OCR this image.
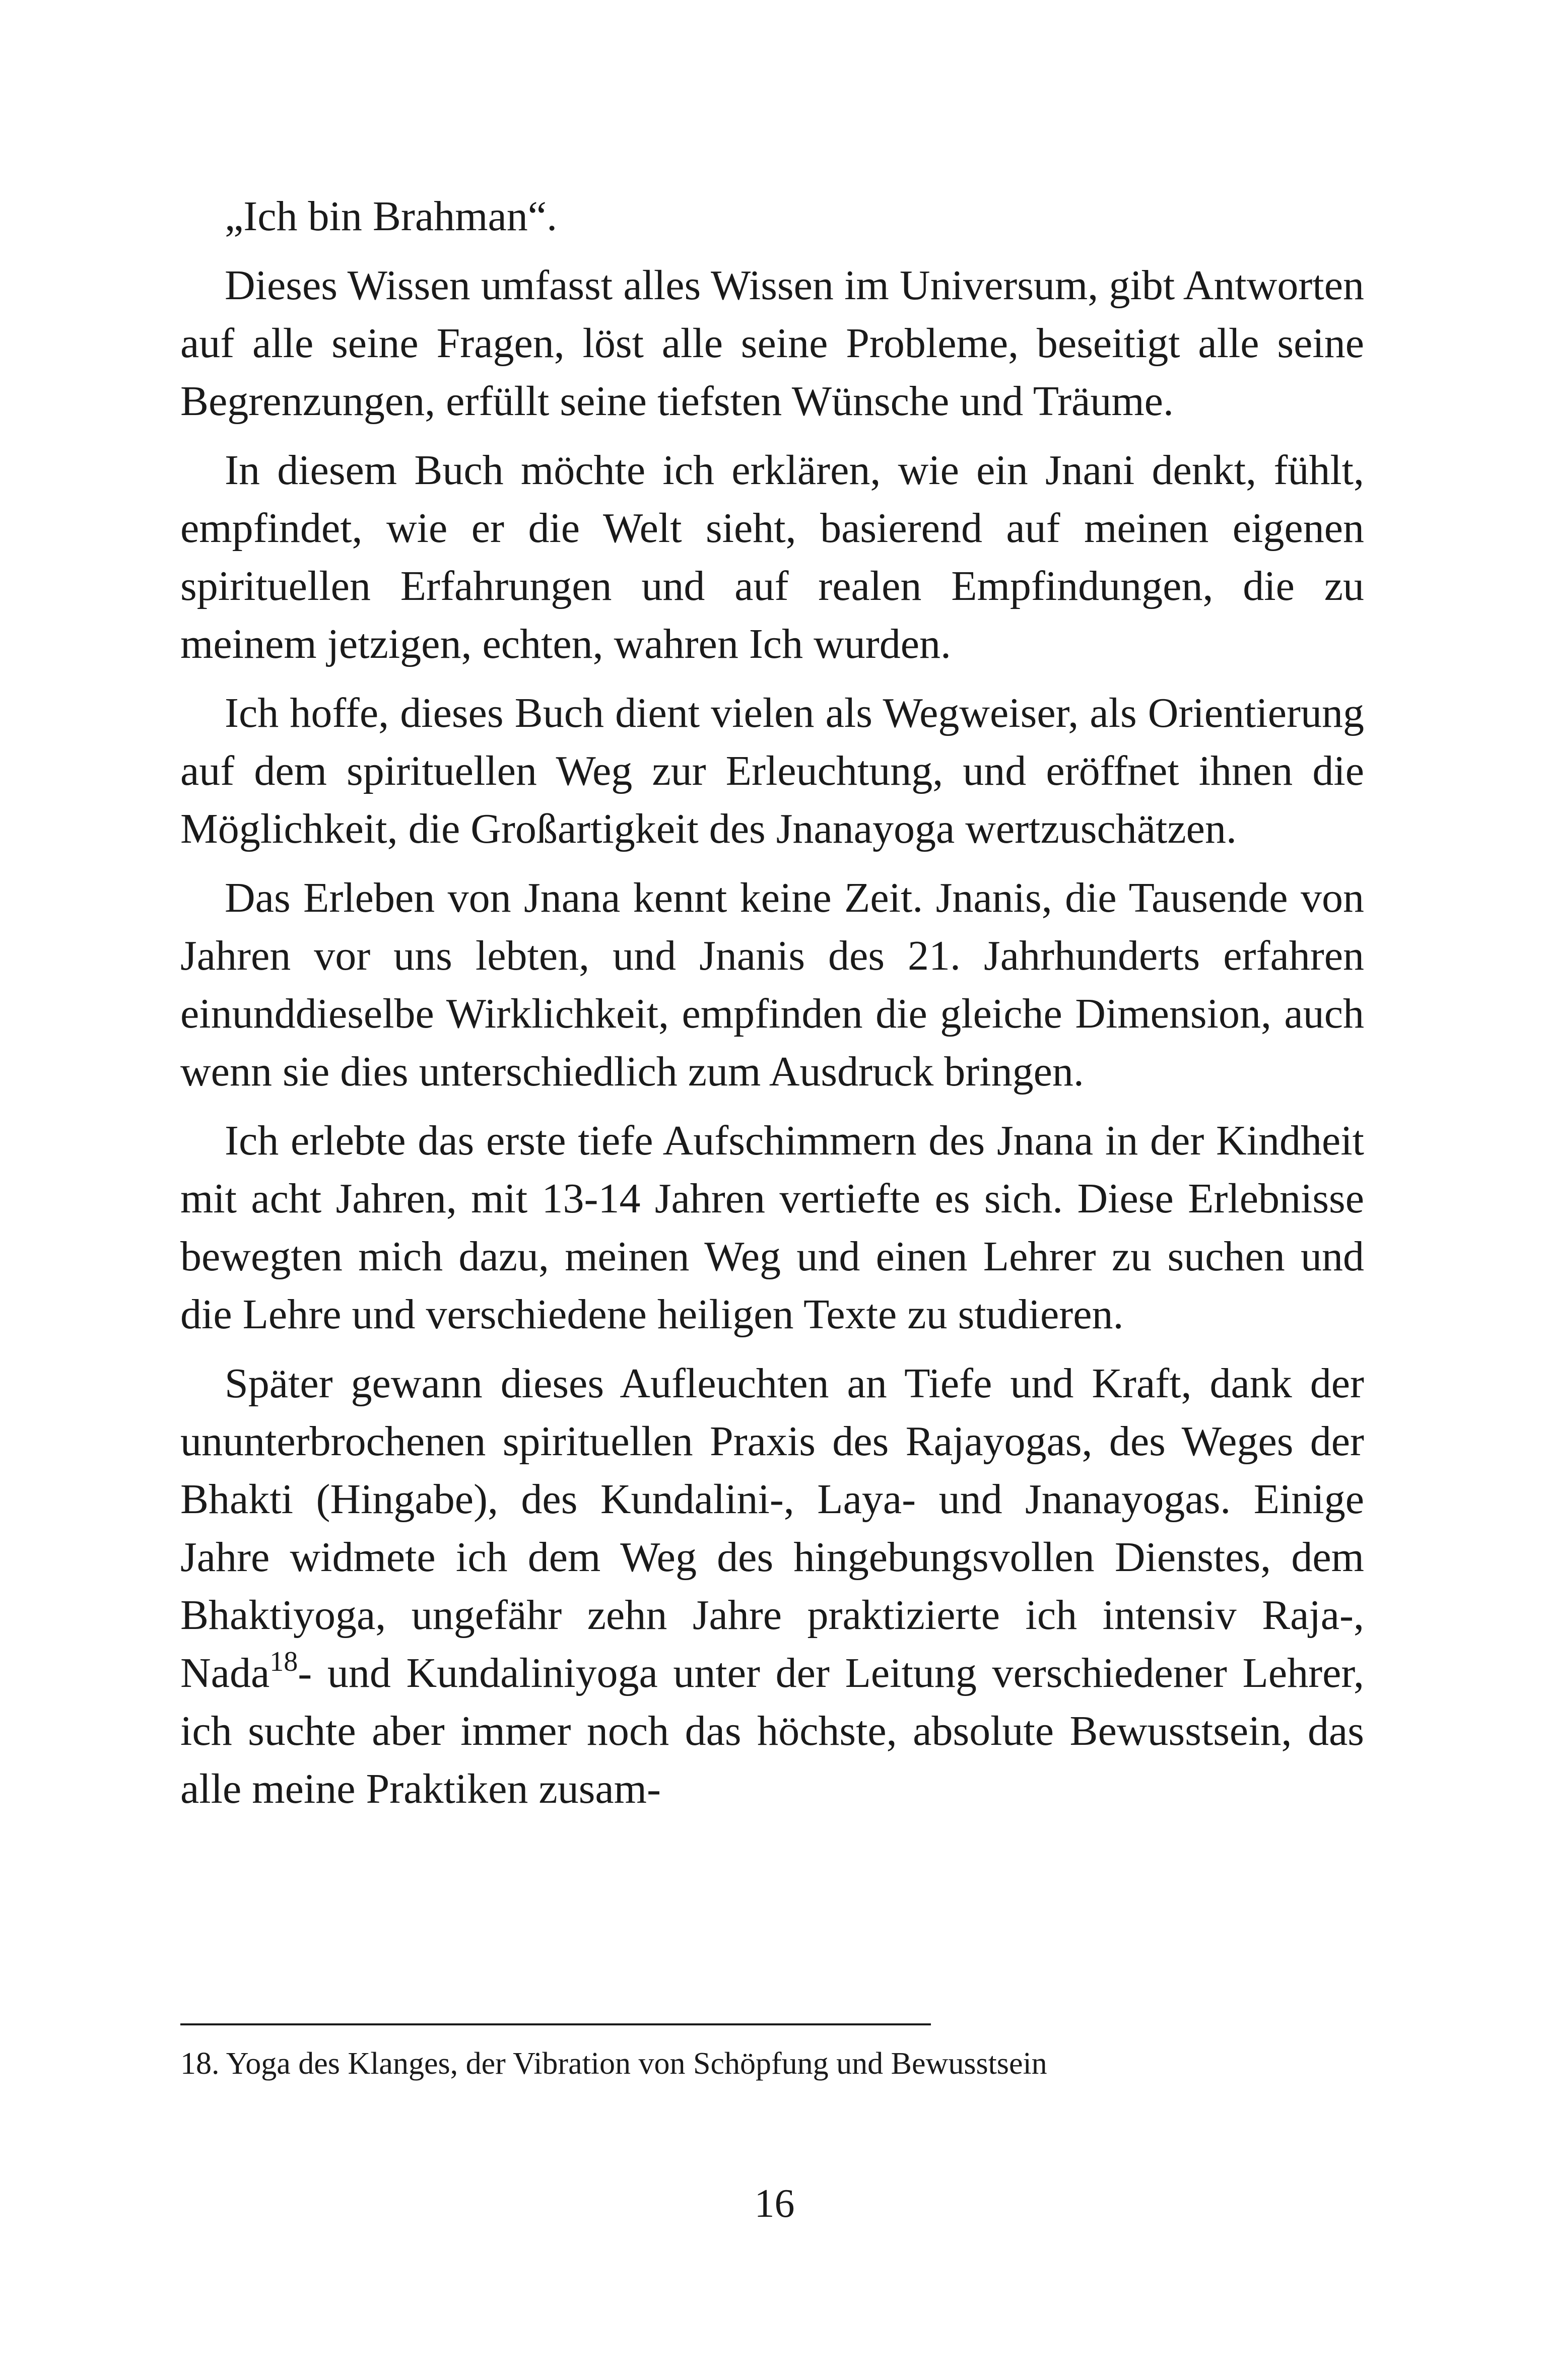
„Ich bin Brahman“.

Dieses Wissen umfasst alles Wissen im Universum, gibt Antworten auf alle seine Fragen, löst alle seine Probleme, beseitigt alle seine Begrenzungen, erfüllt seine tiefsten Wünsche und Träume.

In diesem Buch möchte ich erklären, wie ein Jnani denkt, fühlt, empfindet, wie er die Welt sieht, basierend auf meinen eigenen spirituellen Erfahrungen und auf realen Empfindungen, die zu meinem jetzigen, echten, wahren Ich wurden.

Ich hoffe, dieses Buch dient vielen als Wegweiser, als Orientierung auf dem spirituellen Weg zur Erleuchtung, und eröffnet ihnen die Möglichkeit, die Großartigkeit des Jnanayoga wertzuschätzen.

Das Erleben von Jnana kennt keine Zeit. Jnanis, die Tausende von Jahren vor uns lebten, und Jnanis des 21. Jahrhunderts erfahren einunddieselbe Wirklichkeit, empfinden die gleiche Dimension, auch wenn sie dies unterschiedlich zum Ausdruck bringen.

Ich erlebte das erste tiefe Aufschimmern des Jnana in der Kindheit mit acht Jahren, mit 13-14 Jahren vertiefte es sich. Diese Erlebnisse bewegten mich dazu, meinen Weg und einen Lehrer zu suchen und die Lehre und verschiedene heiligen Texte zu studieren.

Später gewann dieses Aufleuchten an Tiefe und Kraft, dank der ununterbrochenen spirituellen Praxis des Rajayogas, des Weges der Bhakti (Hingabe), des Kundalini-, Laya- und Jnanayogas. Einige Jahre widmete ich dem Weg des hingebungsvollen Dienstes, dem Bhaktiyoga, ungefähr zehn Jahre praktizierte ich intensiv Raja-, Nada$^{18}$- und Kundaliniyoga unter der Leitung verschiedener Lehrer, ich suchte aber immer noch das höchste, absolute Bewusstsein, das alle meine Praktiken zusam-

18. Yoga des Klanges, der Vibration von Schöpfung und Bewusstsein

16
